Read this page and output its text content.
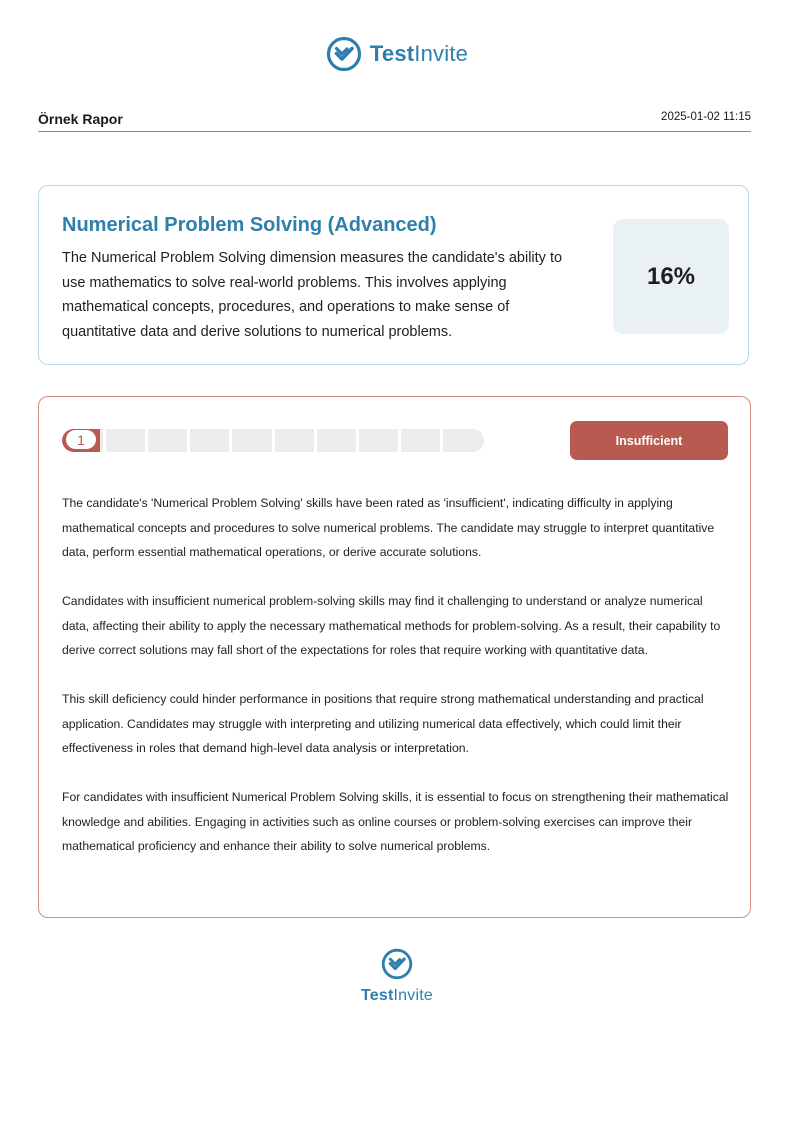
TestInvite
Örnek Rapor	2025-01-02 11:15
Numerical Problem Solving (Advanced)
The Numerical Problem Solving dimension measures the candidate's ability to use mathematics to solve real-world problems. This involves applying mathematical concepts, procedures, and operations to make sense of quantitative data and derive solutions to numerical problems.
16%
1	Insufficient

The candidate's 'Numerical Problem Solving' skills have been rated as 'insufficient', indicating difficulty in applying mathematical concepts and procedures to solve numerical problems. The candidate may struggle to interpret quantitative data, perform essential mathematical operations, or derive accurate solutions.

Candidates with insufficient numerical problem-solving skills may find it challenging to understand or analyze numerical data, affecting their ability to apply the necessary mathematical methods for problem-solving. As a result, their capability to derive correct solutions may fall short of the expectations for roles that require working with quantitative data.

This skill deficiency could hinder performance in positions that require strong mathematical understanding and practical application. Candidates may struggle with interpreting and utilizing numerical data effectively, which could limit their effectiveness in roles that demand high-level data analysis or interpretation.

For candidates with insufficient Numerical Problem Solving skills, it is essential to focus on strengthening their mathematical knowledge and abilities. Engaging in activities such as online courses or problem-solving exercises can improve their mathematical proficiency and enhance their ability to solve numerical problems.

TestInvite
